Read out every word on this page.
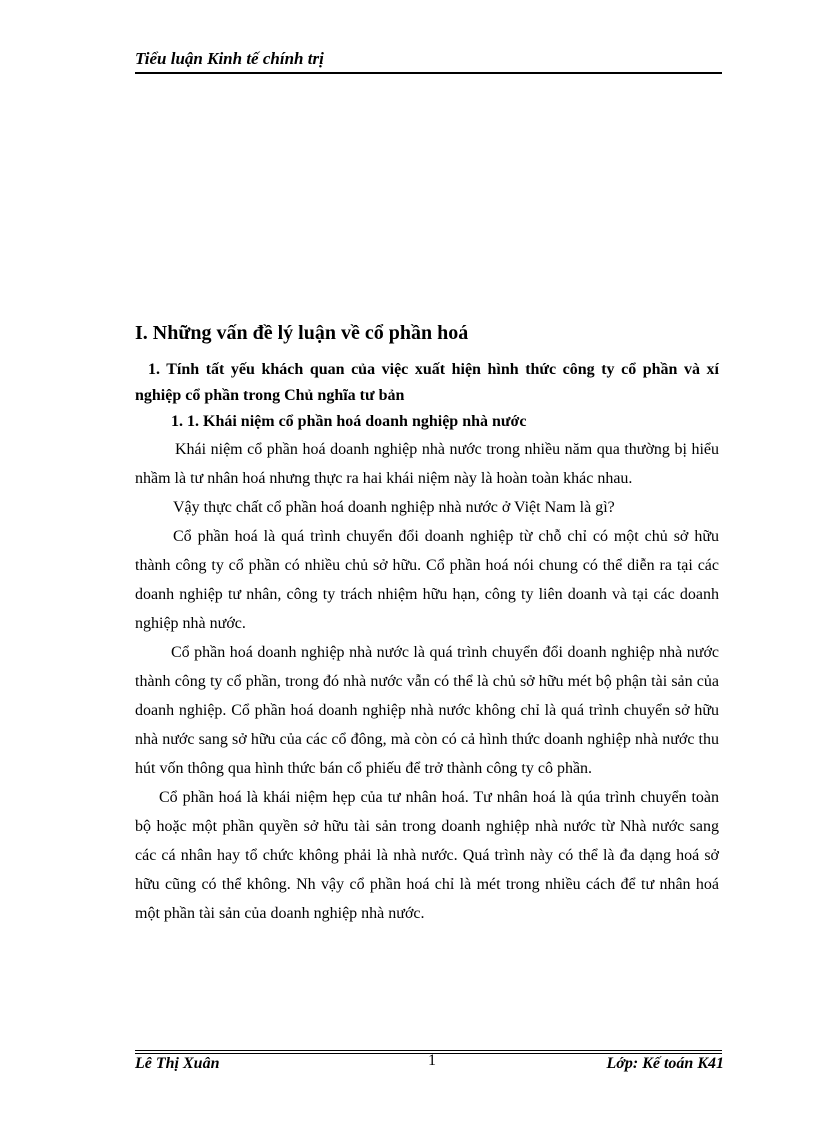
Tiểu luận Kinh tế chính trị
I. Những vấn đề lý luận về cổ phần hoá
1. Tính tất yếu khách quan của việc xuất hiện hình thức công ty cổ phần và xí nghiệp cổ phần trong Chủ nghĩa tư bản
1. 1. Khái niệm cổ phần hoá doanh nghiệp nhà nước

Khái niệm cổ phần hoá doanh nghiệp nhà nước trong nhiều năm qua thường bị hiểu nhầm là tư nhân hoá nhưng thực ra hai khái niệm này là hoàn toàn khác nhau.

Vậy thực chất cổ phần hoá doanh nghiệp nhà nước ở Việt Nam là gì?

Cổ phần hoá là quá trình chuyển đổi doanh nghiệp từ chỗ chỉ có một chủ sở hữu thành công ty cổ phần có nhiều chủ sở hữu. Cổ phần hoá nói chung có thể diễn ra tại các doanh nghiệp tư nhân, công ty trách nhiệm hữu hạn, công ty liên doanh và tại các doanh nghiệp nhà nước.

Cổ phần hoá doanh nghiệp nhà nước là quá trình chuyển đổi doanh nghiệp nhà nước thành công ty cổ phần, trong đó nhà nước vẫn có thể là chủ sở hữu mét bộ phận tài sản của doanh nghiệp. Cổ phần hoá doanh nghiệp nhà nước không chỉ là quá trình chuyển sở hữu nhà nước sang sở hữu của các cổ đông, mà còn có cả hình thức doanh nghiệp nhà nước thu hút vốn thông qua hình thức bán cổ phiếu để trở thành công ty cô phần.

Cổ phần hoá là khái niệm hẹp của tư nhân hoá. Tư nhân hoá là qúa trình chuyển toàn bộ hoặc một phần quyền sở hữu tài sản trong doanh nghiệp nhà nước từ Nhà nước sang các cá nhân hay tổ chức không phải là nhà nước. Quá trình này có thể là đa dạng hoá sở hữu cũng có thể không. Nh vậy cổ phần hoá chỉ là mét trong nhiều cách để tư nhân hoá một phần tài sản của doanh nghiệp nhà nước.

Lê Thị Xuân	1	Lớp: Kế toán K41
